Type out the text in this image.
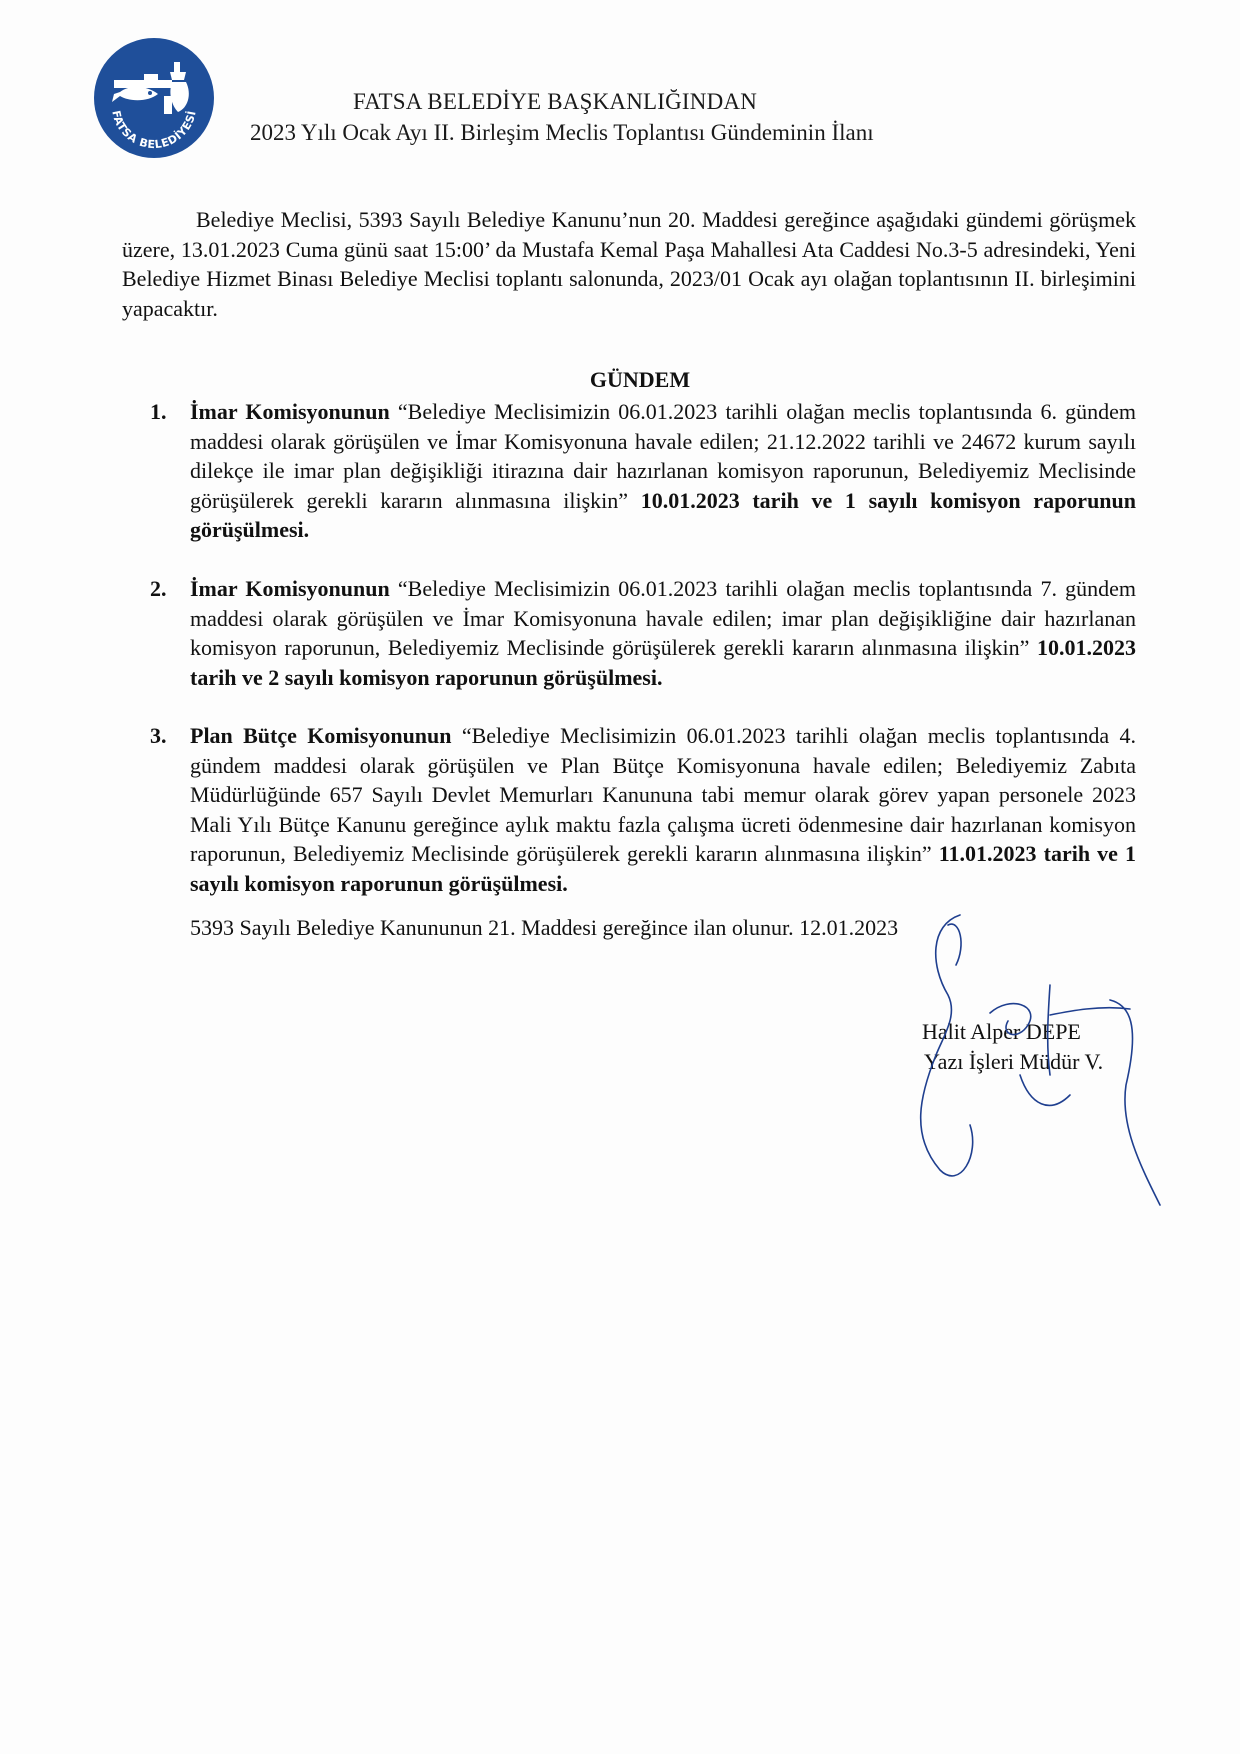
FATSA BELEDİYESİ	FATSA BELEDİYE BAŞKANLIĞINDAN
2023 Yılı Ocak Ayı II. Birleşim Meclis Toplantısı Gündeminin İlanı
Belediye Meclisi, 5393 Sayılı Belediye Kanunu’nun 20. Maddesi gereğince aşağıdaki gündemi görüşmek üzere, 13.01.2023 Cuma günü saat 15:00’ da Mustafa Kemal Paşa Mahallesi Ata Caddesi No.3-5 adresindeki, Yeni Belediye Hizmet Binası Belediye Meclisi toplantı salonunda, 2023/01 Ocak ayı olağan toplantısının II. birleşimini yapacaktır.
GÜNDEM
1. İmar Komisyonunun “Belediye Meclisimizin 06.01.2023 tarihli olağan meclis toplantısında 6. gündem maddesi olarak görüşülen ve İmar Komisyonuna havale edilen; 21.12.2022 tarihli ve 24672 kurum sayılı dilekçe ile imar plan değişikliği itirazına dair hazırlanan komisyon raporunun, Belediyemiz Meclisinde görüşülerek gerekli kararın alınmasına ilişkin” 10.01.2023 tarih ve 1 sayılı komisyon raporunun görüşülmesi.
2. İmar Komisyonunun “Belediye Meclisimizin 06.01.2023 tarihli olağan meclis toplantısında 7. gündem maddesi olarak görüşülen ve İmar Komisyonuna havale edilen; imar plan değişikliğine dair hazırlanan komisyon raporunun, Belediyemiz Meclisinde görüşülerek gerekli kararın alınmasına ilişkin” 10.01.2023 tarih ve 2 sayılı komisyon raporunun görüşülmesi.
3. Plan Bütçe Komisyonunun “Belediye Meclisimizin 06.01.2023 tarihli olağan meclis toplantısında 4. gündem maddesi olarak görüşülen ve Plan Bütçe Komisyonuna havale edilen; Belediyemiz Zabıta Müdürlüğünde 657 Sayılı Devlet Memurları Kanununa tabi memur olarak görev yapan personele 2023 Mali Yılı Bütçe Kanunu gereğince aylık maktu fazla çalışma ücreti ödenmesine dair hazırlanan komisyon raporunun, Belediyemiz Meclisinde görüşülerek gerekli kararın alınmasına ilişkin” 11.01.2023 tarih ve 1 sayılı komisyon raporunun görüşülmesi.
5393 Sayılı Belediye Kanununun 21. Maddesi gereğince ilan olunur. 12.01.2023
Halit Alper DEPE
Yazı İşleri Müdür V.
